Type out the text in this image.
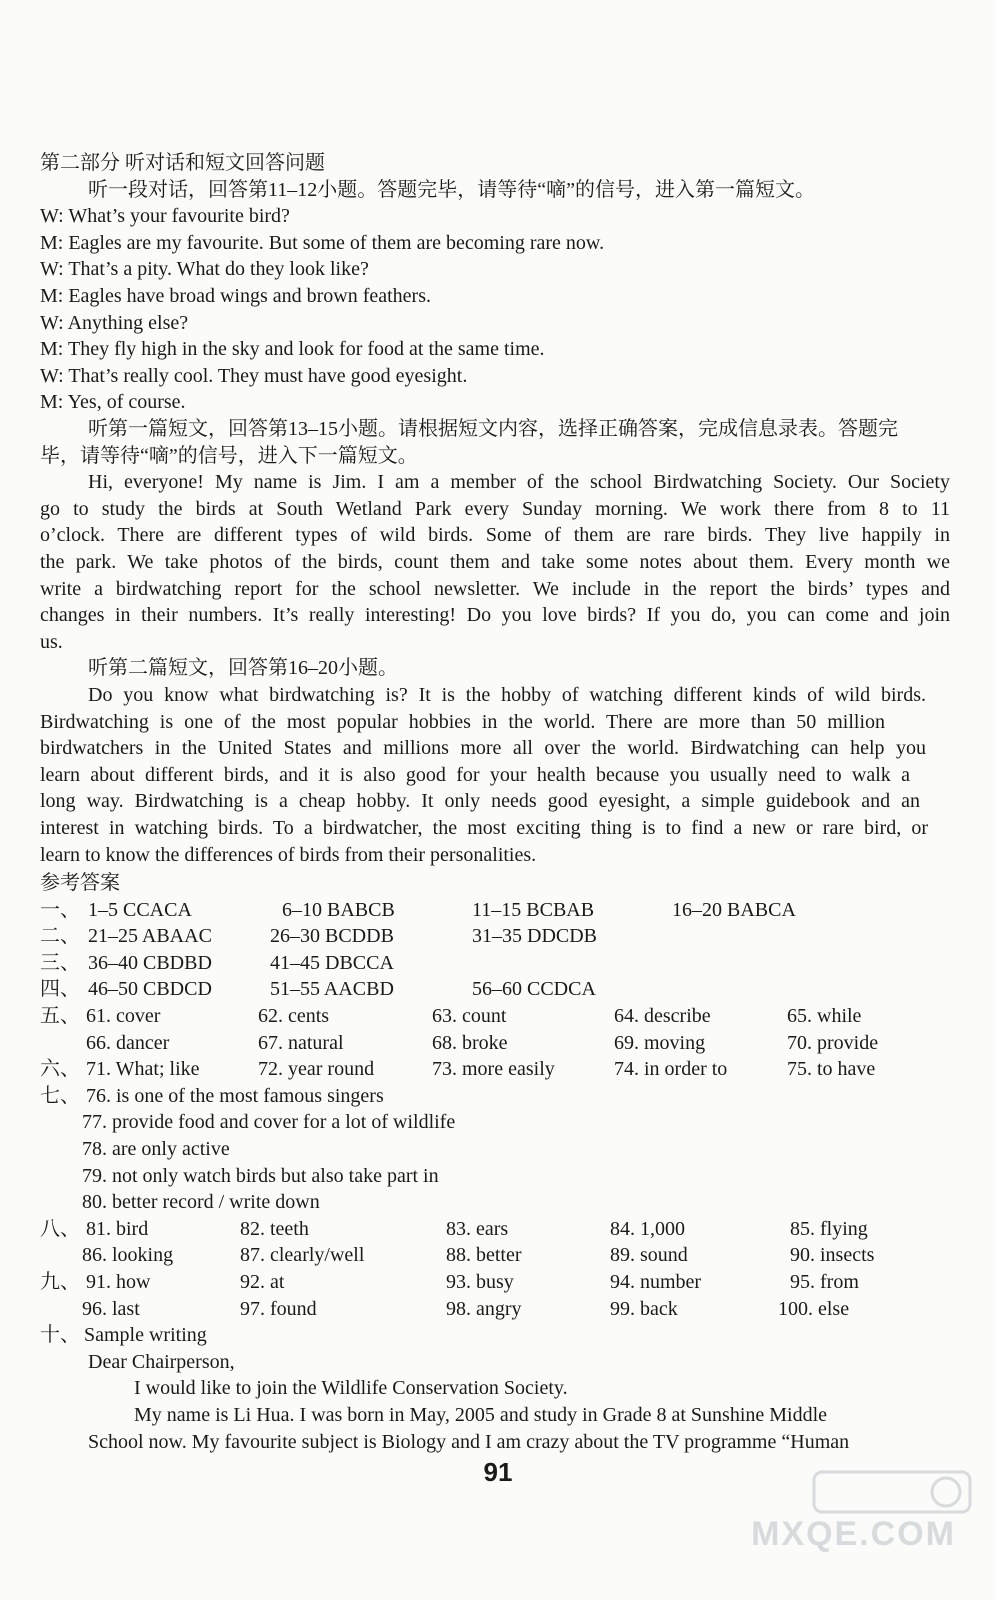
第二部分 听对话和短文回答问题
听一段对话，回答第11–12小题。答题完毕，请等待“嘀”的信号，进入第一篇短文。
W: What’s your favourite bird?
M: Eagles are my favourite. But some of them are becoming rare now.
W: That’s a pity. What do they look like?
M: Eagles have broad wings and brown feathers.
W: Anything else?
M: They fly high in the sky and look for food at the same time.
W: That’s really cool. They must have good eyesight.
M: Yes, of course.
听第一篇短文，回答第13–15小题。请根据短文内容，选择正确答案，完成信息录表。答题完
毕，请等待“嘀”的信号，进入下一篇短文。
Hi, everyone! My name is Jim. I am a member of the school Birdwatching Society. Our Society
go to study the birds at South Wetland Park every Sunday morning. We work there from 8 to 11
o’clock. There are different types of wild birds. Some of them are rare birds. They live happily in
the park. We take photos of the birds, count them and take some notes about them. Every month we
write a birdwatching report for the school newsletter. We include in the report the birds’ types and
changes in their numbers. It’s really interesting! Do you love birds? If you do, you can come and join
us.
听第二篇短文，回答第16–20小题。
Do you know what birdwatching is? It is the hobby of watching different kinds of wild birds.
Birdwatching is one of the most popular hobbies in the world. There are more than 50 million
birdwatchers in the United States and millions more all over the world. Birdwatching can help you
learn about different birds, and it is also good for your health because you usually need to walk a
long way. Birdwatching is a cheap hobby. It only needs good eyesight, a simple guidebook and an
interest in watching birds. To a birdwatcher, the most exciting thing is to find a new or rare bird, or
learn to know the differences of birds from their personalities.
参考答案
一、 1–5 CCACA	6–10 BABCB	11–15 BCBAB	16–20 BABCA
二、 21–25 ABAAC	26–30 BCDDB	31–35 DDCDB
三、 36–40 CBDBD	41–45 DBCCA
四、 46–50 CBDCD	51–55 AACBD	56–60 CCDCA
五、 61. cover	62. cents	63. count	64. describe	65. while
66. dancer	67. natural	68. broke	69. moving	70. provide
六、 71. What; like	72. year round	73. more easily	74. in order to	75. to have
七、 76. is one of the most famous singers
77. provide food and cover for a lot of wildlife
78. are only active
79. not only watch birds but also take part in
80. better record / write down
八、 81. bird	82. teeth	83. ears	84. 1,000	85. flying
86. looking	87. clearly/well	88. better	89. sound	90. insects
九、 91. how	92. at	93. busy	94. number	95. from
96. last	97. found	98. angry	99. back	100. else
十、 Sample writing
Dear Chairperson,
I would like to join the Wildlife Conservation Society.
My name is Li Hua. I was born in May, 2005 and study in Grade 8 at Sunshine Middle
School now. My favourite subject is Biology and I am crazy about the TV programme “Human
91
MXQE.COM
